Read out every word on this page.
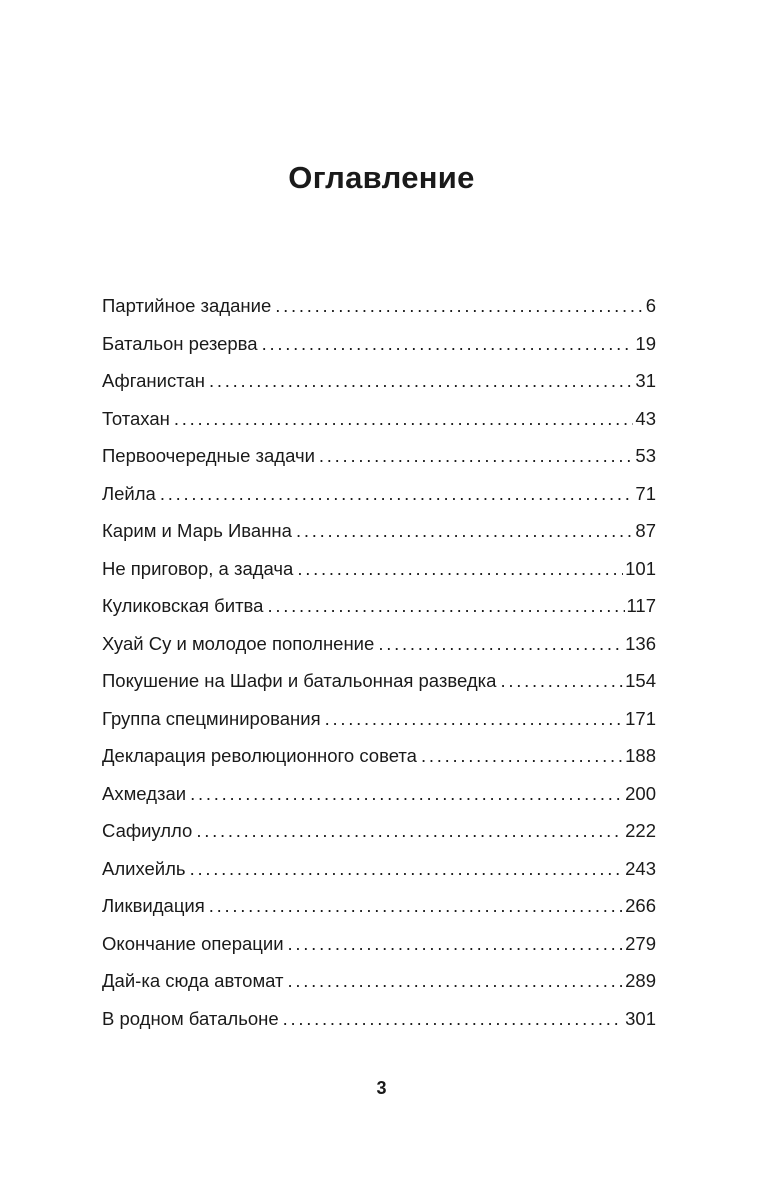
Оглавление
Партийное задание . . .	6
Батальон резерва . . .	19
Афганистан . . .	31
Тотахан . . .	43
Первоочередные задачи . . .	53
Лейла . . .	71
Карим и Марь Иванна . . .	87
Не приговор, а задача . . .	101
Куликовская битва . . .	117
Хуай Су и молодое пополнение . . .	136
Покушение на Шафи и батальонная разведка . . .	154
Группа спецминирования . . .	171
Декларация революционного совета . . .	188
Ахмедзаи . . .	200
Сафиулло . . .	222
Алихейль . . .	243
Ликвидация . . .	266
Окончание операции . . .	279
Дай-ка сюда автомат . . .	289
В родном батальоне . . .	301

3
